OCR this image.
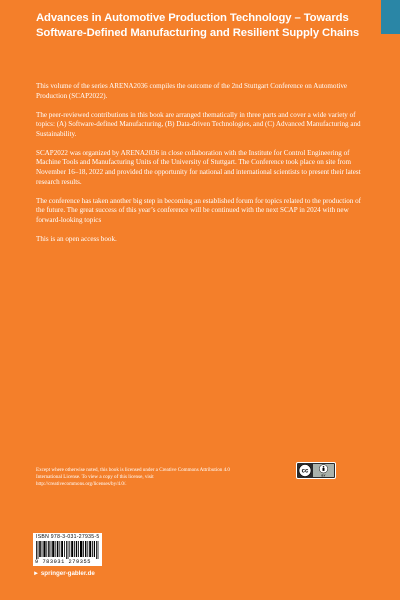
Advances in Automotive Production Technology – Towards
Software-Defined Manufacturing and Resilient Supply Chains

This volume of the series ARENA2036 compiles the outcome of the 2nd Stuttgart Conference on Automotive Production (SCAP2022).

The peer-reviewed contributions in this book are arranged thematically in three parts and cover a wide variety of topics: (A) Software-defined Manufacturing, (B) Data-driven Technologies, and (C) Advanced Manufacturing and Sustainability.

SCAP2022 was organized by ARENA2036 in close collaboration with the Institute for Control Engineering of Machine Tools and Manufacturing Units of the University of Stuttgart. The Conference took place on site from November 16–18, 2022 and provided the opportunity for national and international scientists to present their latest research results.

The conference has taken another big step in becoming an established forum for topics related to the production of the future. The great success of this year’s conference will be continued with the next SCAP in 2024 with new forward-looking topics

This is an open access book.

Except where otherwise noted, this book is licensed under a Creative Commons Attribution 4.0 International License. To view a copy of this license, visit http://creativecommons.org/licenses/by/4.0/.
cc
BY
ISBN 978-3-031-27935-5
9 783031 279355
► springer-gabler.de
